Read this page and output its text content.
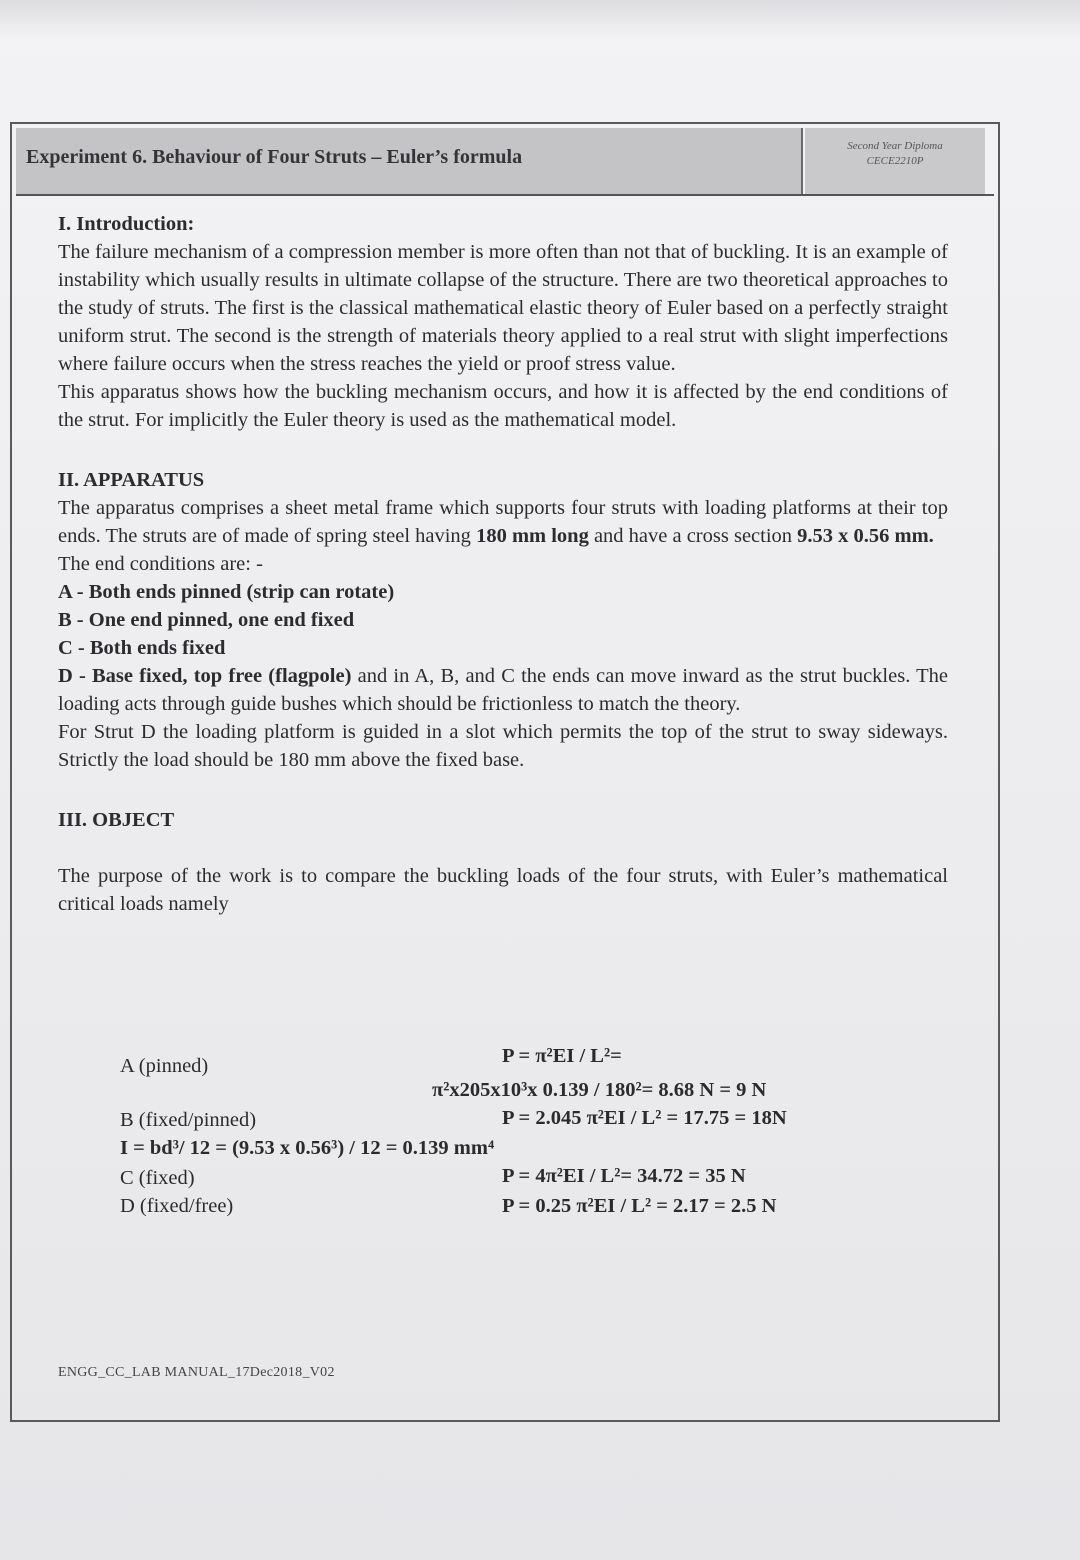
Experiment 6. Behaviour of Four Struts – Euler’s formula	Second Year Diploma
CECE2210P
I. Introduction:

The failure mechanism of a compression member is more often than not that of buckling. It is an example of instability which usually results in ultimate collapse of the structure. There are two theoretical approaches to the study of struts. The first is the classical mathematical elastic theory of Euler based on a perfectly straight uniform strut. The second is the strength of materials theory applied to a real strut with slight imperfections where failure occurs when the stress reaches the yield or proof stress value.

This apparatus shows how the buckling mechanism occurs, and how it is affected by the end conditions of the strut. For implicitly the Euler theory is used as the mathematical model.

II. APPARATUS

The apparatus comprises a sheet metal frame which supports four struts with loading platforms at their top ends. The struts are of made of spring steel having 180 mm long and have a cross section 9.53 x 0.56 mm.

The end conditions are: -

A - Both ends pinned (strip can rotate)

B - One end pinned, one end fixed

C - Both ends fixed

D - Base fixed, top free (flagpole) and in A, B, and C the ends can move inward as the strut buckles. The loading acts through guide bushes which should be frictionless to match the theory.

For Strut D the loading platform is guided in a slot which permits the top of the strut to sway sideways. Strictly the load should be 180 mm above the fixed base.

III. OBJECT

The purpose of the work is to compare the buckling loads of the four struts, with Euler’s mathematical critical loads namely

A (pinned)	P = π²EI / L²=
π²x205x10³x 0.139 / 180²= 8.68 N = 9 N
B (fixed/pinned)	P = 2.045 π²EI / L² = 17.75 = 18N
I = bd³/ 12 = (9.53 x 0.56³) / 12 = 0.139 mm⁴
C (fixed)	P = 4π²EI / L²= 34.72 = 35 N
D (fixed/free)	P = 0.25 π²EI / L² = 2.17 = 2.5 N
ENGG_CC_LAB MANUAL_17Dec2018_V02
